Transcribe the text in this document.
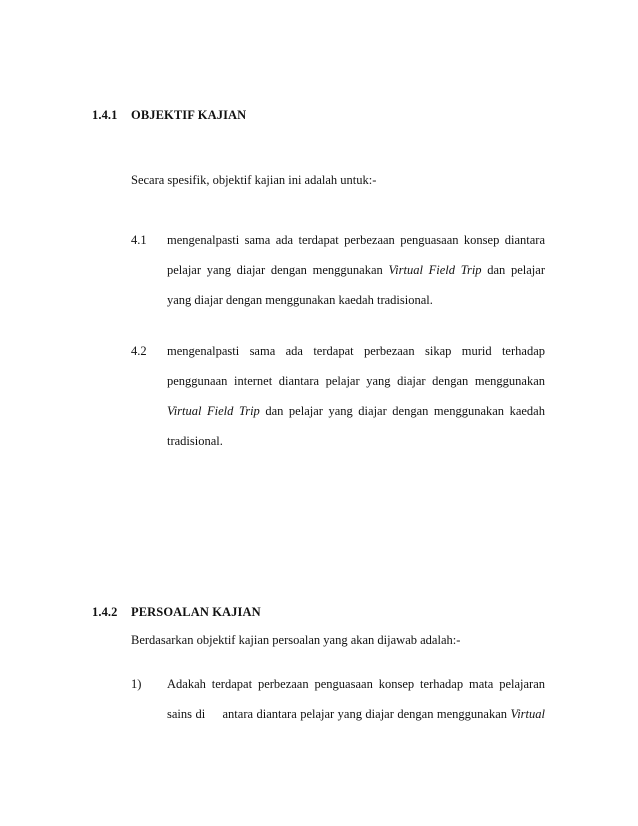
1.4.1 OBJEKTIF KAJIAN
Secara spesifik, objektif kajian ini adalah untuk:-
4.1 mengenalpasti sama ada terdapat perbezaan penguasaan konsep diantara
pelajar yang diajar dengan menggunakan Virtual Field Trip dan pelajar
yang diajar dengan menggunakan kaedah tradisional.
4.2 mengenalpasti sama ada terdapat perbezaan sikap murid terhadap
penggunaan internet diantara pelajar yang diajar dengan menggunakan
Virtual Field Trip dan pelajar yang diajar dengan menggunakan kaedah
tradisional.
1.4.2 PERSOALAN KAJIAN
Berdasarkan objektif kajian persoalan yang akan dijawab adalah:-
1) Adakah terdapat perbezaan penguasaan konsep terhadap mata pelajaran
sains di     antara diantara pelajar yang diajar dengan menggunakan Virtual
